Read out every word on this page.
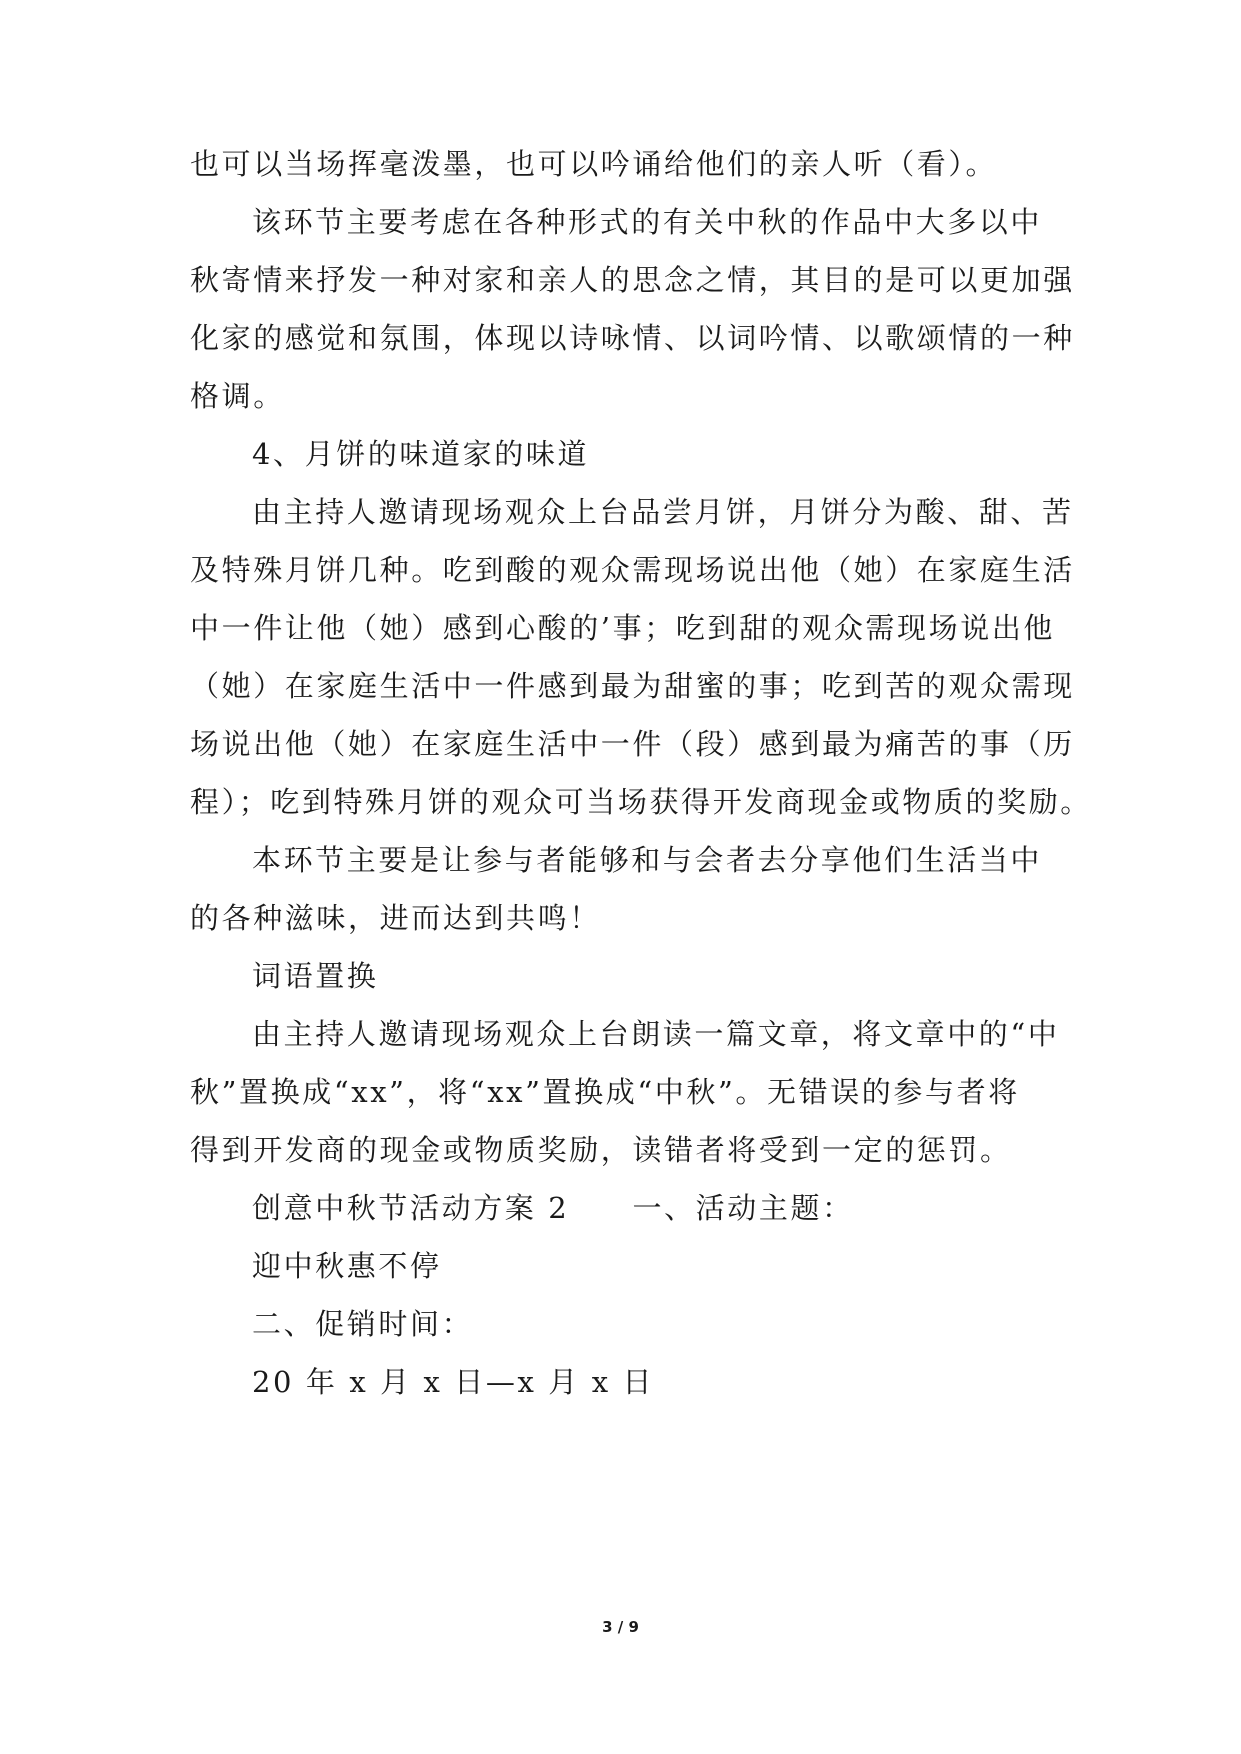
也可以当场挥毫泼墨，也可以吟诵给他们的亲人听（看）。
该环节主要考虑在各种形式的有关中秋的作品中大多以中
秋寄情来抒发一种对家和亲人的思念之情，其目的是可以更加强
化家的感觉和氛围，体现以诗咏情、以词吟情、以歌颂情的一种
格调。
4、月饼的味道家的味道
由主持人邀请现场观众上台品尝月饼，月饼分为酸、甜、苦
及特殊月饼几种。吃到酸的观众需现场说出他（她）在家庭生活
中一件让他（她）感到心酸的’事；吃到甜的观众需现场说出他
（她）在家庭生活中一件感到最为甜蜜的事；吃到苦的观众需现
场说出他（她）在家庭生活中一件（段）感到最为痛苦的事（历
程）；吃到特殊月饼的观众可当场获得开发商现金或物质的奖励。
本环节主要是让参与者能够和与会者去分享他们生活当中
的各种滋味，进而达到共鸣！
词语置换
由主持人邀请现场观众上台朗读一篇文章，将文章中的“中
秋”置换成“xx”，将“xx”置换成“中秋”。无错误的参与者将
得到开发商的现金或物质奖励，读错者将受到一定的惩罚。
创意中秋节活动方案 2　　一、活动主题：
迎中秋惠不停
二、促销时间：
20 年 x 月 x 日—x 月 x 日
3 / 9
